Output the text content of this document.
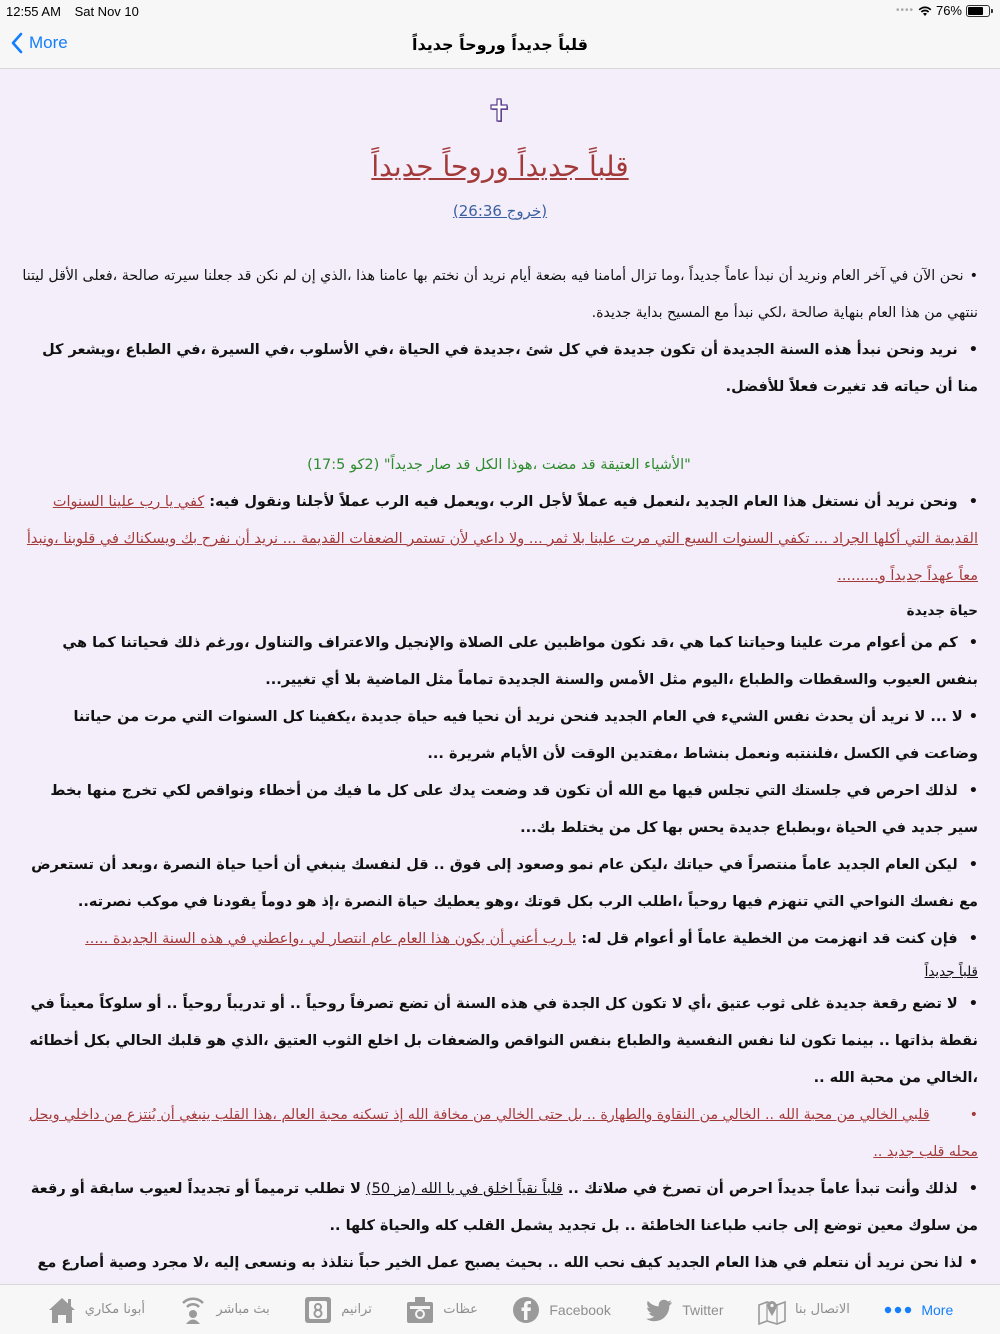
12:55 AM Sat Nov 10	•••• 76%
More	قلباً جديداً وروحاً جديداً
قلباً جديداً وروحاً جديداً
(خروج 26:36)

•نحن الآن في آخر العام ونريد أن نبدأ عاماً جديداً ،وما تزال أمامنا فيه بضعة أيام نريد أن نختم بها عامنا هذا ،الذي إن لم نكن قد جعلنا سيرته صالحة ،فعلى الأقل ليتنا ننتهي من هذا العام بنهاية صالحة ،لكي نبدأ مع المسيح بداية جديدة.

• نريد ونحن نبدأ هذه السنة الجديدة أن تكون جديدة في كل شئ ،جديدة في الحياة ،في الأسلوب ،في السيرة ،في الطباع ،ويشعر كل منا أن حياته قد تغيرت فعلاً للأفضل.

"الأشياء العتيقة قد مضت ،هوذا الكل قد صار جديداً" (2كو 17:5)

• ونحن نريد أن نستغل هذا العام الجديد ،لنعمل فيه عملاً لأجل الرب ،ويعمل فيه الرب عملاً لأجلنا ونقول فيه: كفي يا رب علينا السنوات القديمة التي أكلها الجراد ... تكفي السنوات السبع التي مرت علينا بلا ثمر ... ولا داعي لأن تستمر الضعفات القديمة ... نريد أن نفرح بك ويسكناك في قلوبنا ،ونبدأ معاً عهداً جديداً و.........

حياة جديدة

• كم من أعوام مرت علينا وحياتنا كما هي ،قد نكون مواظبين على الصلاة والإنجيل والاعتراف والتناول ،ورغم ذلك فحياتنا كما هي بنفس العيوب والسقطات والطباع ،اليوم مثل الأمس والسنة الجديدة تماماً مثل الماضية بلا أي تغيير...

•لا ... لا نريد أن يحدث نفس الشيء في العام الجديد فنحن نريد أن نحيا فيه حياة جديدة ،يكفينا كل السنوات التي مرت من حياتنا وضاعت في الكسل ،فلننتبه ونعمل بنشاط ،مفتدين الوقت لأن الأيام شريرة ...

• لذلك احرص في جلستك التي تجلس فيها مع الله أن تكون قد وضعت يدك على كل ما فيك من أخطاء ونواقص لكي تخرج منها بخط سير جديد في الحياة ،وبطباع جديدة يحس بها كل من يختلط بك...

• ليكن العام الجديد عاماً منتصراً في حياتك ،ليكن عام نمو وصعود إلى فوق .. قل لنفسك ينبغي أن أحيا حياة النصرة ،وبعد أن تستعرض مع نفسك النواحي التي تنهزم فيها روحياً ،اطلب الرب بكل قوتك ،وهو يعطيك حياة النصرة ،إذ هو دوماً يقودنا في موكب نصرته..

• فإن كنت قد انهزمت من الخطية عاماً أو أعوام قل له: يا رب أعني أن يكون هذا العام عام انتصار لي ،واعطني في هذه السنة الجديدة .....

قلباً جديداً

• لا تضع رقعة جديدة غلى ثوب عتيق ،أي لا تكون كل الجدة في هذه السنة أن تضع تصرفاً روحياً .. أو تدريباً روحياً .. أو سلوكاً معيناً في نقطة بذاتها .. بينما تكون لنا نفس النفسية والطباع بنفس النواقص والضعفات بل اخلع الثوب العتيق ،الذي هو قلبك الحالي بكل أخطائه ،الخالي من محبة الله ..

•قلبي الخالي من محبة الله .. الخالي من النقاوة والطهارة .. بل حتى الخالي من مخافة الله إذ تسكنه محبة العالم ،هذا القلب ينبغي أن يُنتزع من داخلي ويحل محله قلب جديد ..

• لذلك وأنت تبدأ عاماً جديداً احرص أن تصرخ في صلاتك .. قلباً نقياً اخلق في يا الله (مز 50) لا تطلب ترميماً أو تجديداً لعيوب سابقة أو رقعة من سلوك معين توضع إلى جانب طباعنا الخاطئة .. بل تجديد يشمل القلب كله والحياة كلها ..

•لذا نحن نريد أن نتعلم في هذا العام الجديد كيف نحب الله .. بحيث يصبح عمل الخير حباً نتلذذ به ونسعى إليه ،لا مجرد وصية أصارع مع

أبونا مكاري	بث مباشر	ترانيم	عظات	Facebook	Twitter	الاتصال بنا	More
